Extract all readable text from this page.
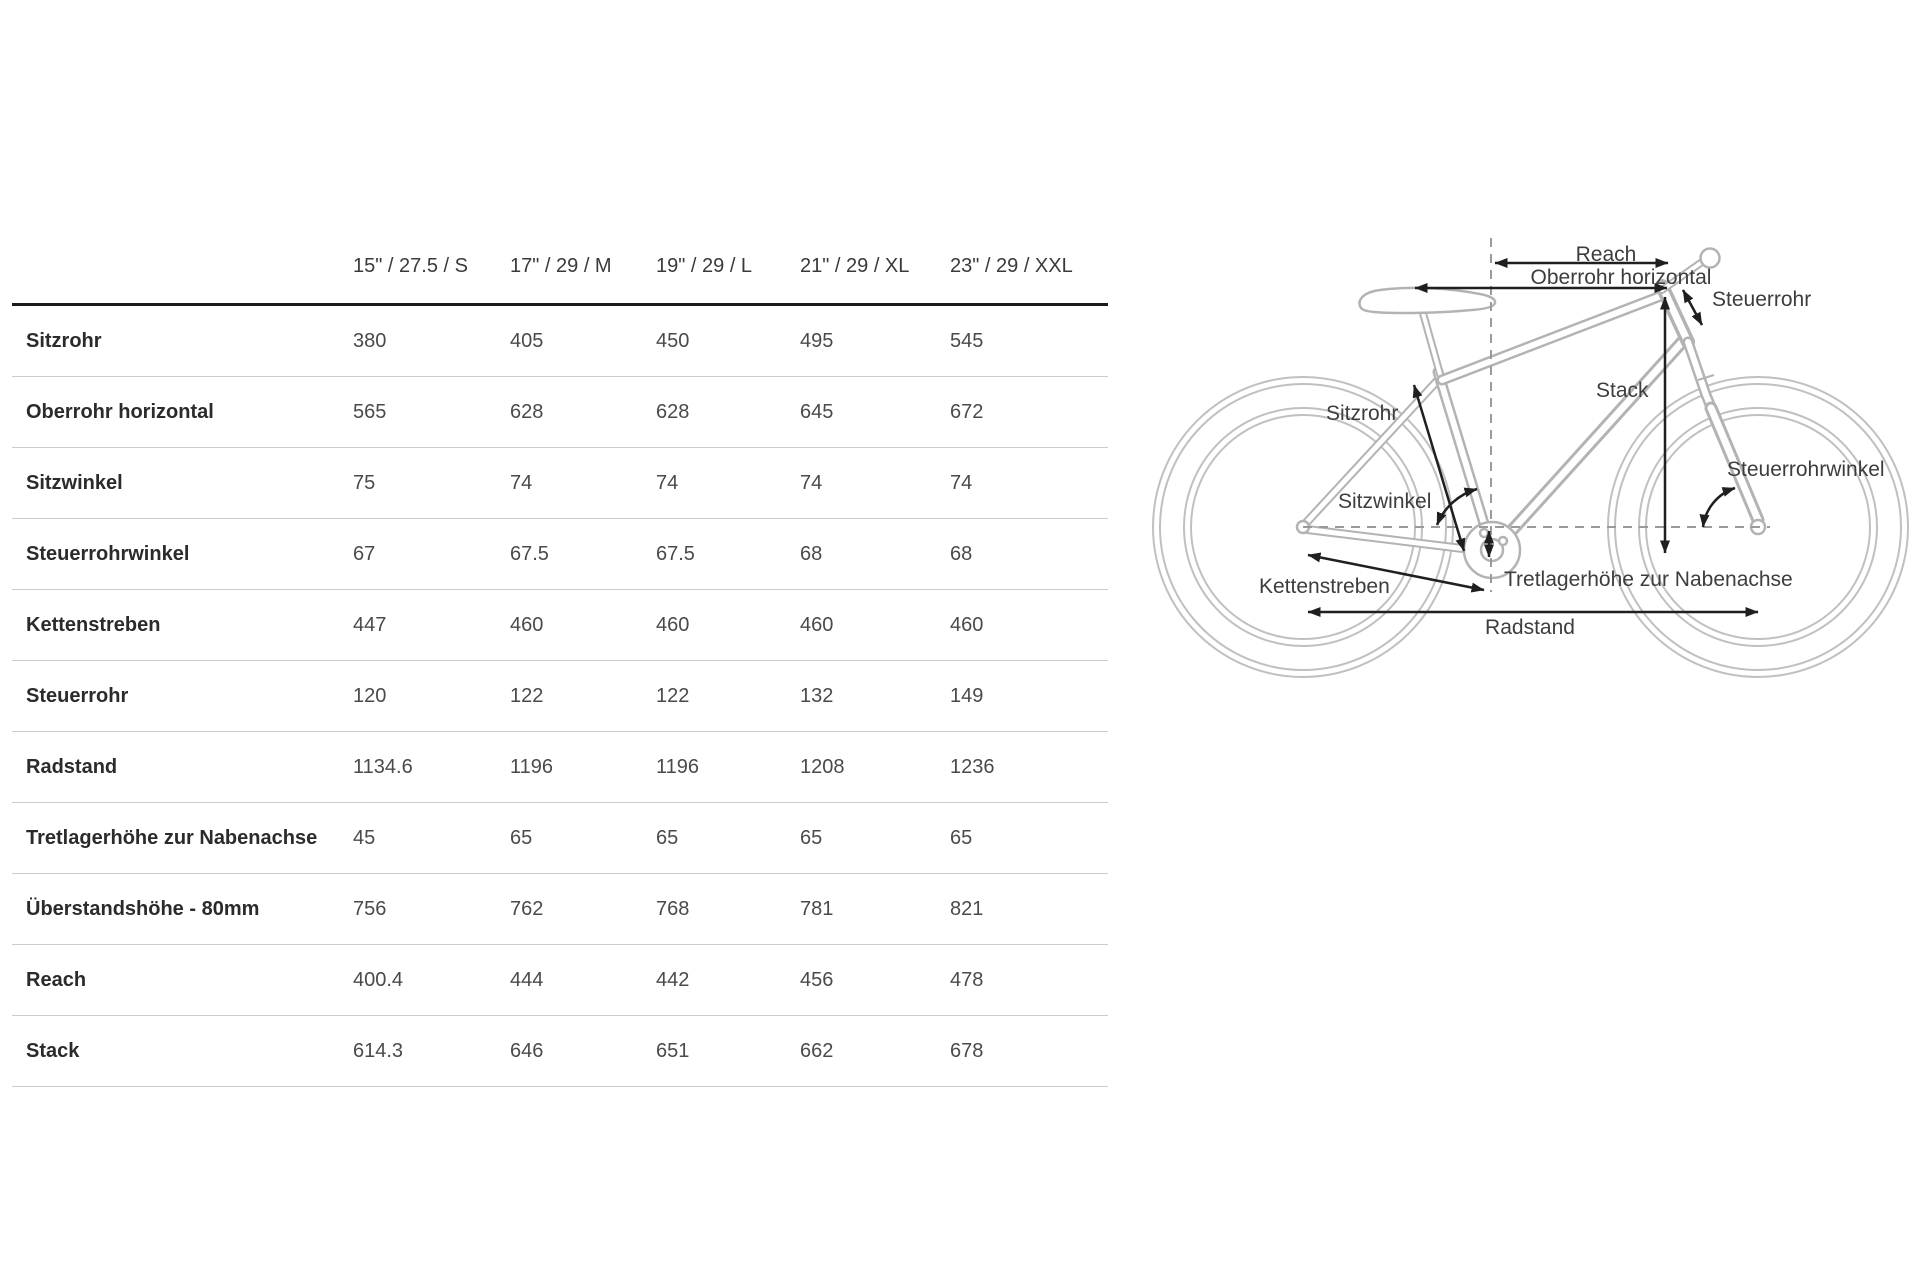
15" / 27.5 / S	17" / 29 / M	19" / 29 / L	21" / 29 / XL	23" / 29 / XXL
Sitzrohr	380	405	450	495	545
Oberrohr horizontal	565	628	628	645	672
Sitzwinkel	75	74	74	74	74
Steuerrohrwinkel	67	67.5	67.5	68	68
Kettenstreben	447	460	460	460	460
Steuerrohr	120	122	122	132	149
Radstand	1134.6	1196	1196	1208	1236
Tretlagerhöhe zur Nabenachse	45	65	65	65	65
Überstandshöhe - 80mm	756	762	768	781	821
Reach	400.4	444	442	456	478
Stack	614.3	646	651	662	678
Reach
Oberrohr horizontal
Steuerrohr
Stack
Sitzrohr
Sitzwinkel
Steuerrohrwinkel
Tretlagerhöhe zur Nabenachse
Kettenstreben
Radstand
